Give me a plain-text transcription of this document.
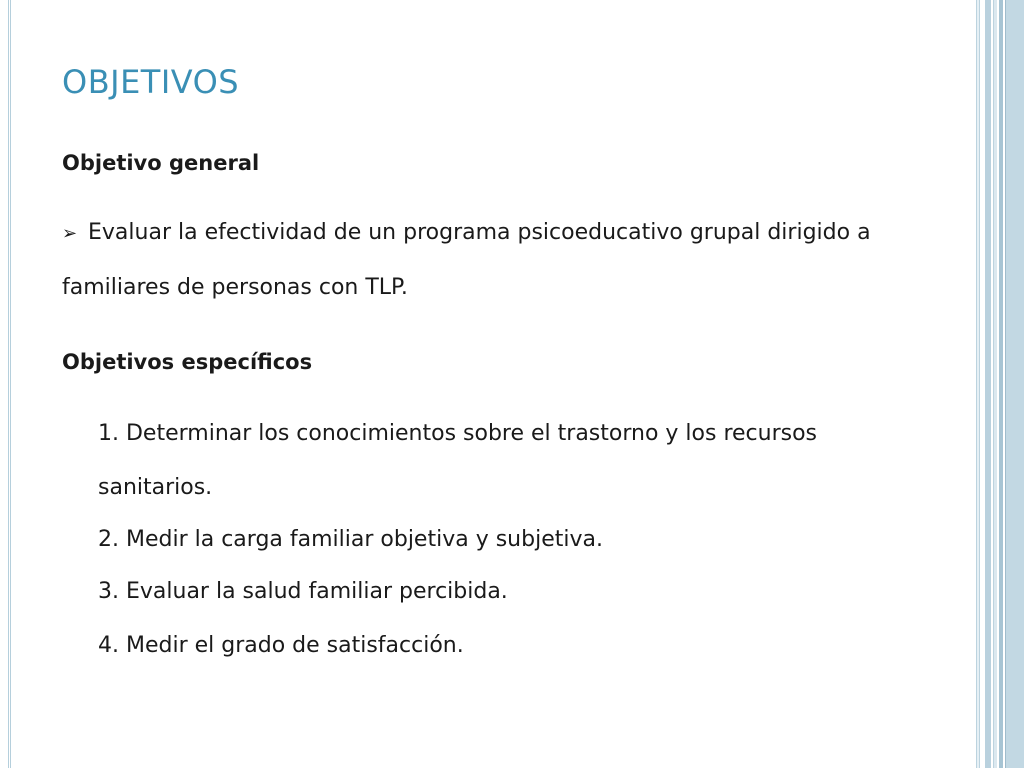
OBJETIVOS
Objetivo general
➢ Evaluar la efectividad de un programa psicoeducativo grupal dirigido a familiares de personas con TLP.
Objetivos específicos
1. Determinar los conocimientos sobre el trastorno y los recursos sanitarios.
2. Medir la carga familiar objetiva y subjetiva.
3. Evaluar la salud familiar percibida.
4. Medir el grado de satisfacción.
